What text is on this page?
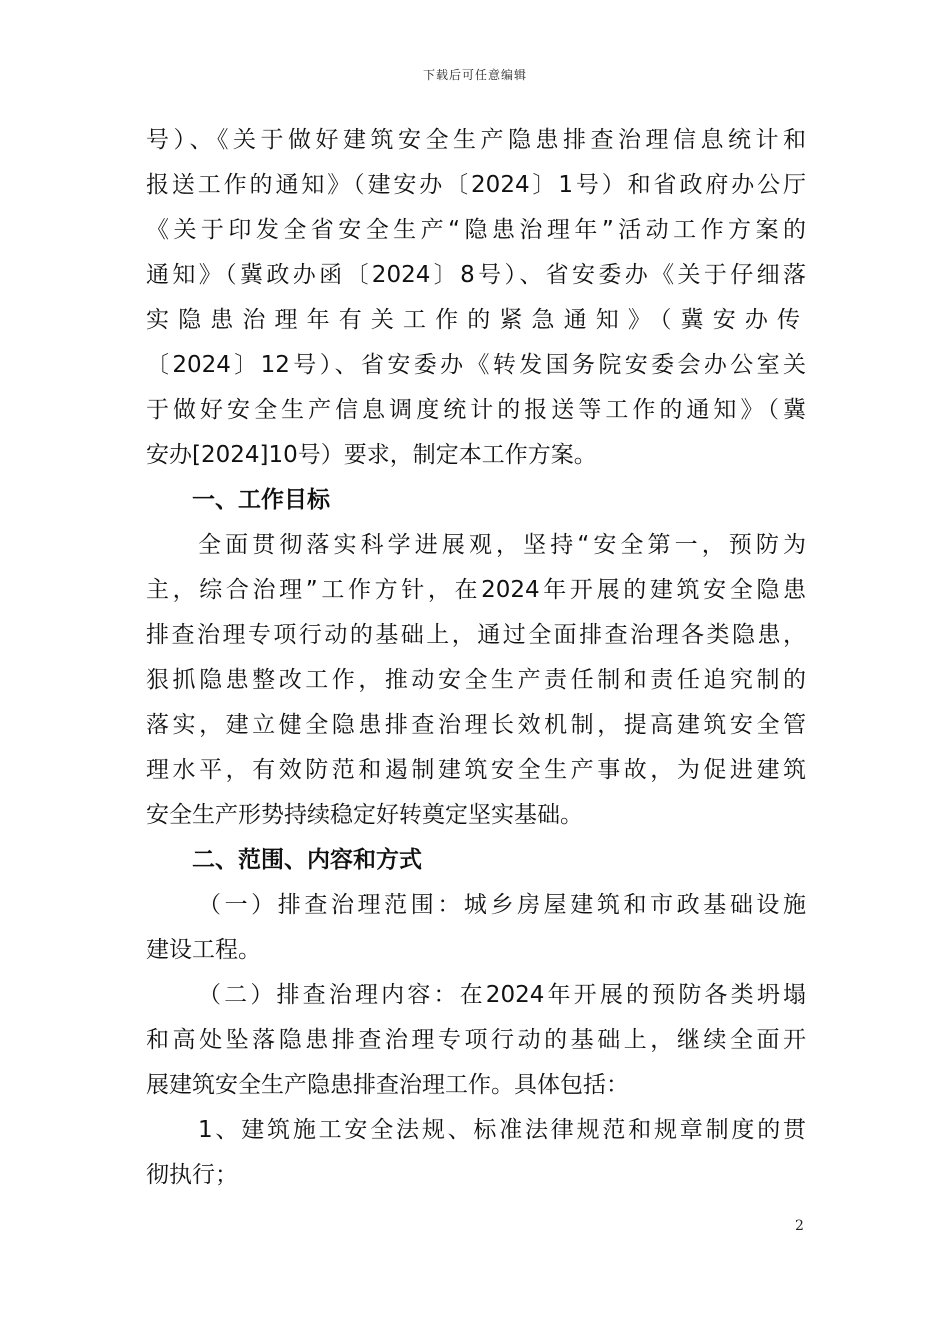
下载后可任意编辑
号）、《关于做好建筑安全生产隐患排查治理信息统计和
报送工作的通知》（建安办〔2024〕1号）和省政府办公厅
《关于印发全省安全生产“隐患治理年”活动工作方案的
通知》（冀政办函〔2024〕8号）、省安委办《关于仔细落
实隐患治理年有关工作的紧急通知》（冀安办传
〔2024〕12号）、省安委办《转发国务院安委会办公室关
于做好安全生产信息调度统计的报送等工作的通知》（冀
安办[2024]10号）要求，制定本工作方案。
一、工作目标
全面贯彻落实科学进展观，坚持“安全第一，预防为
主，综合治理”工作方针，在2024年开展的建筑安全隐患
排查治理专项行动的基础上，通过全面排查治理各类隐患，
狠抓隐患整改工作，推动安全生产责任制和责任追究制的
落实，建立健全隐患排查治理长效机制，提高建筑安全管
理水平，有效防范和遏制建筑安全生产事故，为促进建筑
安全生产形势持续稳定好转奠定坚实基础。
二、范围、内容和方式
（一）排查治理范围：城乡房屋建筑和市政基础设施
建设工程。
（二）排查治理内容：在2024年开展的预防各类坍塌
和高处坠落隐患排查治理专项行动的基础上，继续全面开
展建筑安全生产隐患排查治理工作。具体包括：
1、建筑施工安全法规、标准法律规范和规章制度的贯
彻执行；
2
